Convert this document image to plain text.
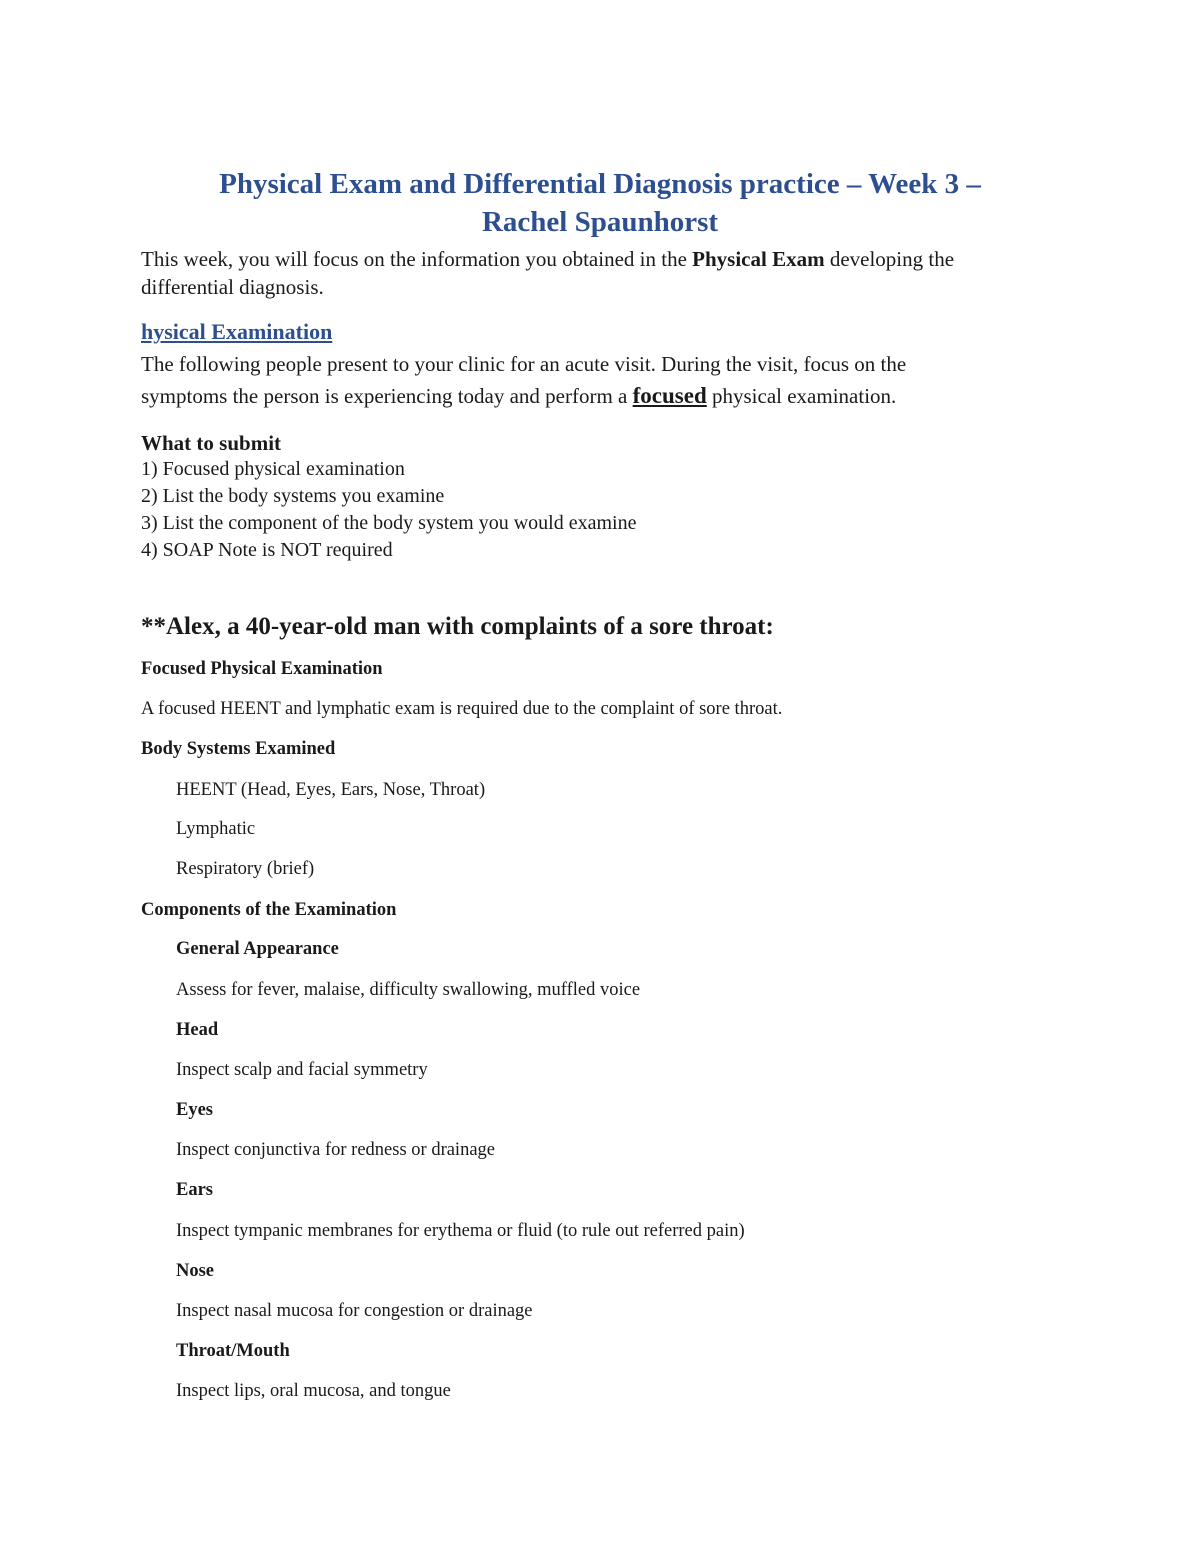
Physical Exam and Differential Diagnosis practice – Week 3 –
Rachel Spaunhorst

This week, you will focus on the information you obtained in the Physical Exam developing the

differential diagnosis.

hysical Examination

The following people present to your clinic for an acute visit. During the visit, focus on the

symptoms the person is experiencing today and perform a focused physical examination.

What to submit

1) Focused physical examination

2) List the body systems you examine

3) List the component of the body system you would examine

4) SOAP Note is NOT required

**Alex, a 40-year-old man with complaints of a sore throat:
Focused Physical Examination

A focused HEENT and lymphatic exam is required due to the complaint of sore throat.

Body Systems Examined

HEENT (Head, Eyes, Ears, Nose, Throat)

Lymphatic

Respiratory (brief)

Components of the Examination
General Appearance

Assess for fever, malaise, difficulty swallowing, muffled voice

Head

Inspect scalp and facial symmetry

Eyes

Inspect conjunctiva for redness or drainage

Ears

Inspect tympanic membranes for erythema or fluid (to rule out referred pain)

Nose

Inspect nasal mucosa for congestion or drainage

Throat/Mouth

Inspect lips, oral mucosa, and tongue
